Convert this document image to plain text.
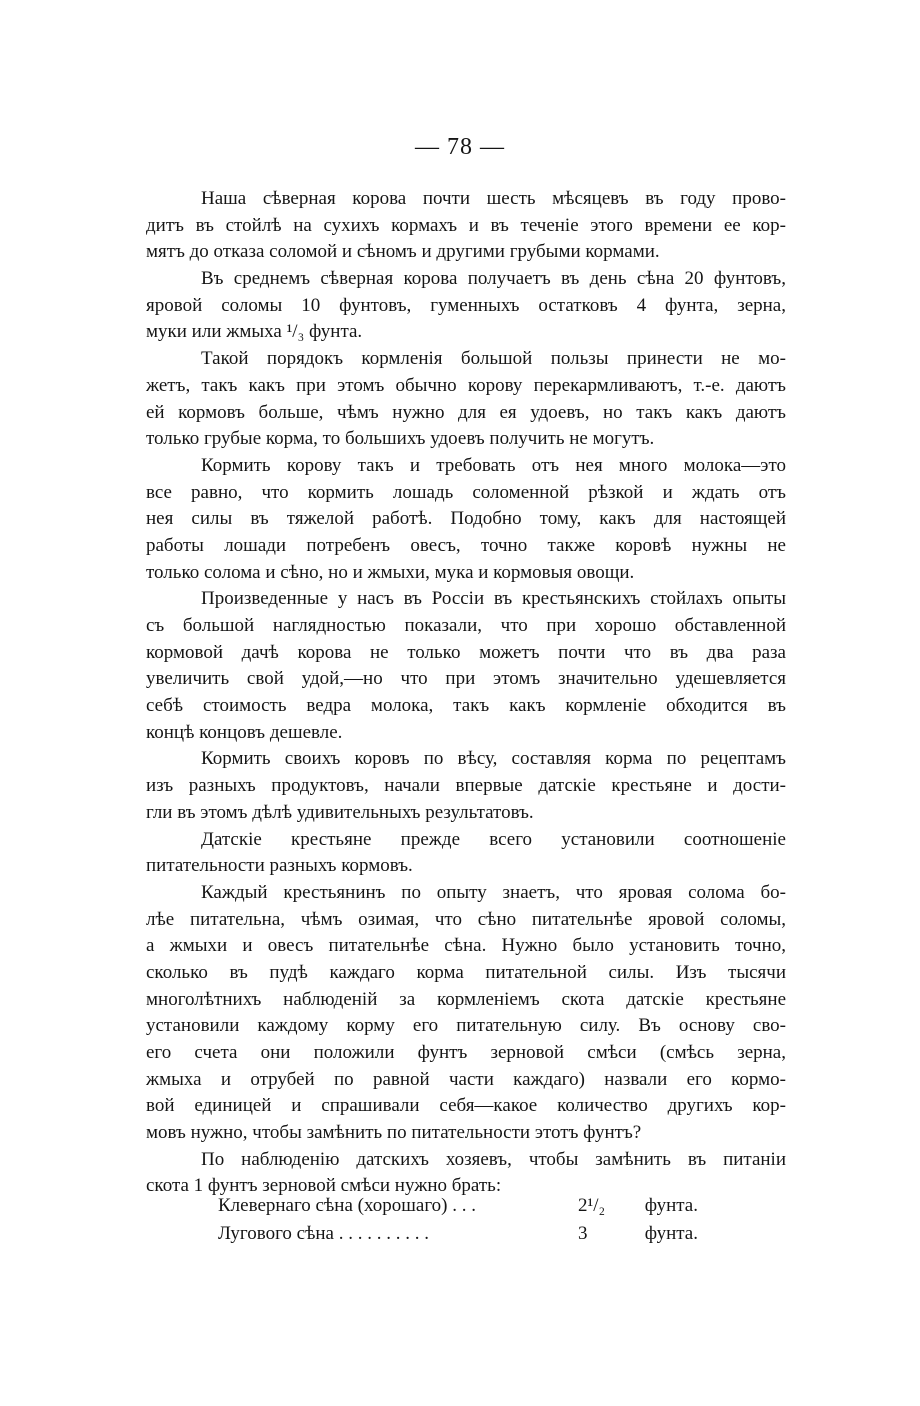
— 78 —
Наша сѣверная корова почти шесть мѣсяцевъ въ году прово-
дитъ въ стойлѣ на сухихъ кормахъ и въ теченіе этого времени ее кор-
мятъ до отказа соломой и сѣномъ и другими грубыми кормами.
Въ среднемъ сѣверная корова получаетъ въ день сѣна 20 фунтовъ,
яровой соломы 10 фунтовъ, гуменныхъ остатковъ 4 фунта, зерна,
муки или жмыха ¹/₃ фунта.
Такой порядокъ кормленія большой пользы принести не мо-
жетъ, такъ какъ при этомъ обычно корову перекармливаютъ, т.-е. даютъ
ей кормовъ больше, чѣмъ нужно для ея удоевъ, но такъ какъ даютъ
только грубые корма, то большихъ удоевъ получить не могутъ.
Кормить корову такъ и требовать отъ нея много молока—это
все равно, что кормить лошадь соломенной рѣзкой и ждать отъ
нея силы въ тяжелой работѣ. Подобно тому, какъ для настоящей
работы лошади потребенъ овесъ, точно также коровѣ нужны не
только солома и сѣно, но и жмыхи, мука и кормовыя овощи.
Произведенные у насъ въ Россіи въ крестьянскихъ стойлахъ опыты
съ большой наглядностью показали, что при хорошо обставленной
кормовой дачѣ корова не только можетъ почти что въ два раза
увеличить свой удой,—но что при этомъ значительно удешевляется
себѣ стоимость ведра молока, такъ какъ кормленіе обходится въ
концѣ концовъ дешевле.
Кормить своихъ коровъ по вѣсу, составляя корма по рецептамъ
изъ разныхъ продуктовъ, начали впервые датскіе крестьяне и дости-
гли въ этомъ дѣлѣ удивительныхъ результатовъ.
Датскіе крестьяне прежде всего установили соотношеніе
питательности разныхъ кормовъ.
Каждый крестьянинъ по опыту знаетъ, что яровая солома бо-
лѣе питательна, чѣмъ озимая, что сѣно питательнѣе яровой соломы,
а жмыхи и овесъ питательнѣе сѣна. Нужно было установить точно,
сколько въ пудѣ каждаго корма питательной силы. Изъ тысячи
многолѣтнихъ наблюденій за кормленіемъ скота датскіе крестьяне
установили каждому корму его питательную силу. Въ основу сво-
его счета они положили фунтъ зерновой смѣси (смѣсь зерна,
жмыха и отрубей по равной части каждаго) назвали его кормо-
вой единицей и спрашивали себя—какое количество другихъ кор-
мовъ нужно, чтобы замѣнить по питательности этотъ фунтъ?
По наблюденію датскихъ хозяевъ, чтобы замѣнить въ питаніи
скота 1 фунтъ зерновой смѣси нужно брать:
Клевернаго сѣна (хорошаго) . . .	2¹/₂	фунта.
Лугового сѣна . . . . . . . . . .	3	фунта.
